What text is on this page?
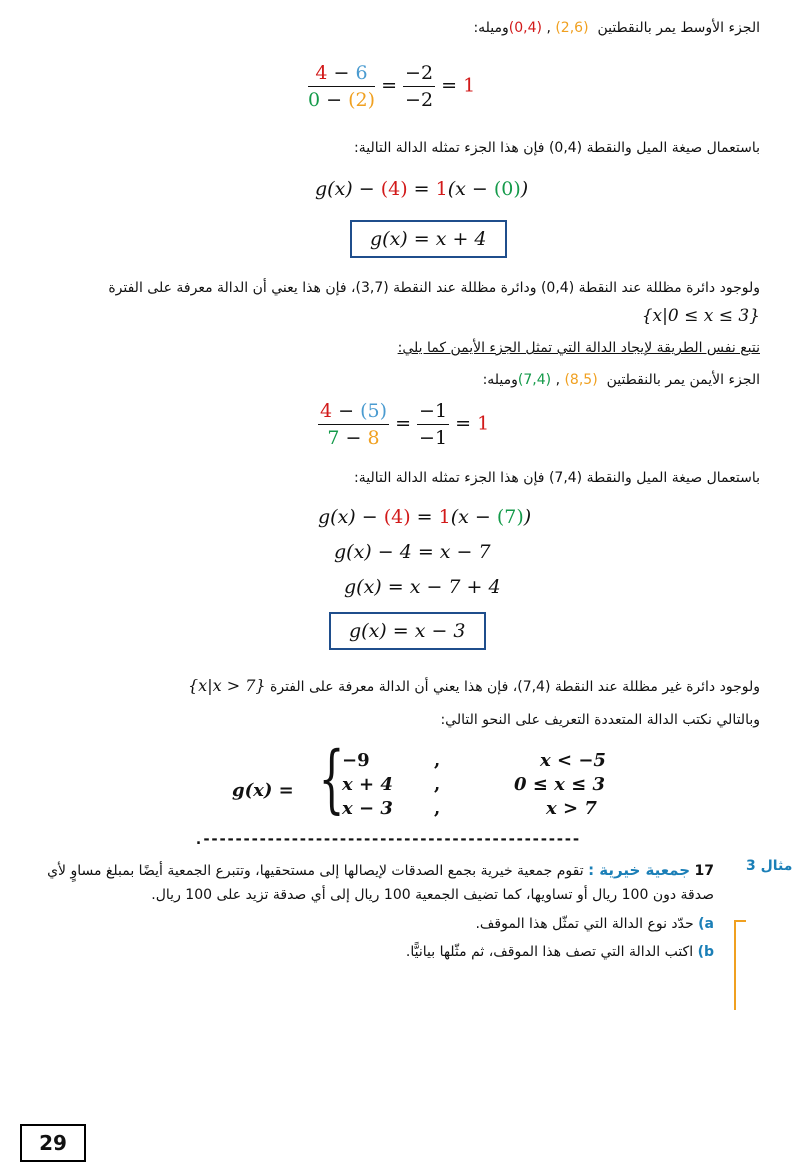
الجزء الأوسط يمر بالنقطتين (0,4) , (2,6) وميله:
$\frac{4 - 6}{0 - (2)} = \frac{-2}{-2} = 1$
باستعمال صيغة الميل والنقطة (0,4) فإن هذا الجزء تمثله الدالة التالية:
g(x) − (4) = 1(x − (0))
g(x) = x + 4
ولوجود دائرة مظللة عند النقطة (0,4) ودائرة مظللة عند النقطة (3,7)، فإن هذا يعني أن الدالة معرفة على الفترة
{x|0 ≤ x ≤ 3}
نتبع نفس الطريقة لإيجاد الدالة التي تمثل الجزء الأيمن كما يلي:
الجزء الأيمن يمر بالنقطتين (7,4) , (8,5) وميله:
$\frac{4 - (5)}{7 - 8} = \frac{-1}{-1} = 1$
باستعمال صيغة الميل والنقطة (7,4) فإن هذا الجزء تمثله الدالة التالية:
g(x) − (4) = 1(x − (7))
g(x) − 4 = x − 7
g(x) = x − 7 + 4
g(x) = x − 3
ولوجود دائرة غير مظللة عند النقطة (7,4)، فإن هذا يعني أن الدالة معرفة على الفترة {x|x > 7}
وبالتالي نكتب الدالة المتعددة التعريف على النحو التالي:
g(x) = {
−9	,	x < −5
x + 4 ,	0 ≤ x ≤ 3
x − 3 ,	x > 7
.-----------------------------------------------
مثال 3
17 جمعية خيرية : تقوم جمعية خيرية بجمع الصدقات لإيصالها إلى مستحقيها، وتتبرع الجمعية أيضًا بمبلغ مساوٍ لأي صدقة دون 100 ريال أو تساويها، كما تضيف الجمعية 100 ريال إلى أي صدقة تزيد على 100 ريال.
a) حدّد نوع الدالة التي تمثّل هذا الموقف.
b) اكتب الدالة التي تصف هذا الموقف، ثم مثّلها بيانيًّا.
29
